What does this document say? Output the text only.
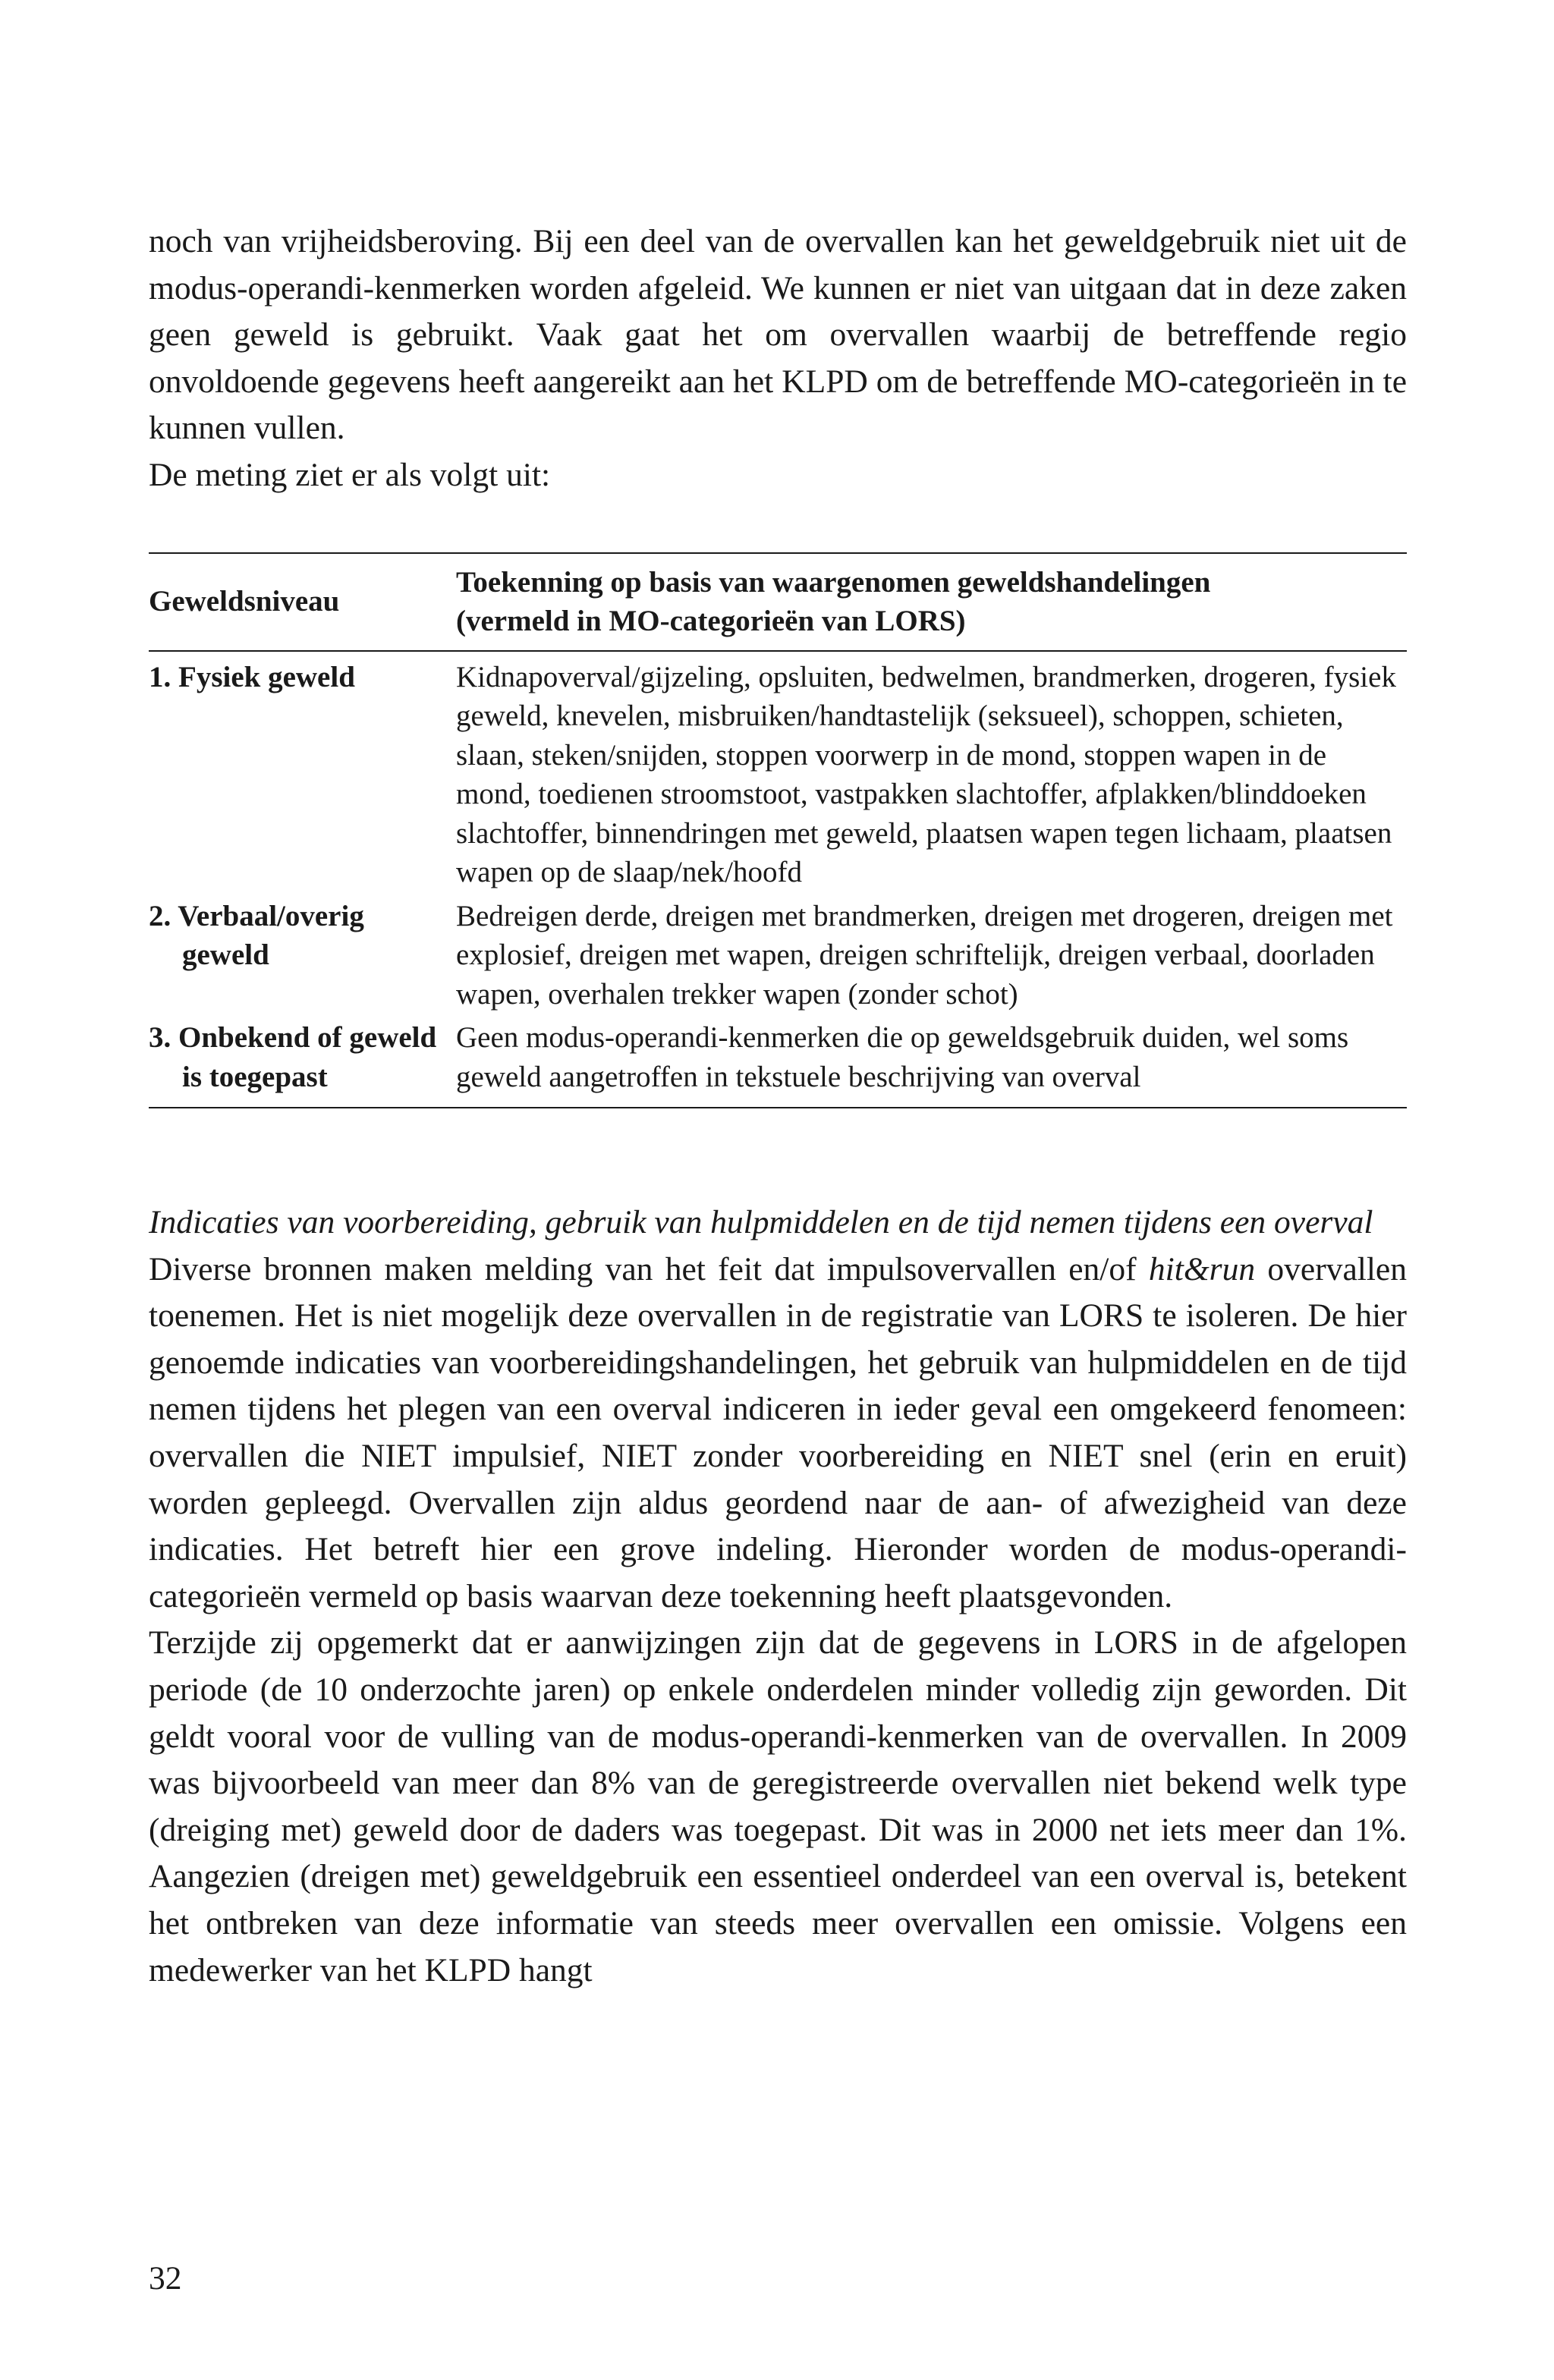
noch van vrijheidsberoving. Bij een deel van de overvallen kan het geweldgebruik niet uit de modus-operandi-kenmerken worden afgeleid. We kunnen er niet van uitgaan dat in deze zaken geen geweld is gebruikt. Vaak gaat het om overvallen waarbij de betreffende regio onvoldoende gegevens heeft aangereikt aan het KLPD om de betreffende MO-categorieën in te kunnen vullen.

De meting ziet er als volgt uit:

Geweldsniveau	Toekenning op basis van waargenomen geweldshandelingen
(vermeld in MO-categorieën van LORS)

1. Fysiek geweld	Kidnapoverval/gijzeling, opsluiten, bedwelmen, brandmerken, drogeren, fysiek geweld, knevelen, misbruiken/handtastelijk (seksueel), schoppen, schieten, slaan, steken/snijden, stoppen voorwerp in de mond, stoppen wapen in de mond, toedienen stroomstoot, vastpakken slachtoffer, afplakken/blinddoeken slachtoffer, binnendringen met geweld, plaatsen wapen tegen lichaam, plaatsen wapen op de slaap/nek/hoofd

2. Verbaal/overig geweld	Bedreigen derde, dreigen met brandmerken, dreigen met drogeren, dreigen met explosief, dreigen met wapen, dreigen schriftelijk, dreigen verbaal, doorladen wapen, overhalen trekker wapen (zonder schot)

3. Onbekend of geweld is toegepast	Geen modus-operandi-kenmerken die op geweldsgebruik duiden, wel soms geweld aangetroffen in tekstuele beschrijving van overval

Indicaties van voorbereiding, gebruik van hulpmiddelen en de tijd nemen tijdens een overval

Diverse bronnen maken melding van het feit dat impulsovervallen en/of hit&run overvallen toenemen. Het is niet mogelijk deze overvallen in de registratie van LORS te isoleren. De hier genoemde indicaties van voorbereidingshandelingen, het gebruik van hulpmiddelen en de tijd nemen tijdens het plegen van een overval indiceren in ieder geval een omgekeerd fenomeen: overvallen die NIET impulsief, NIET zonder voorbereiding en NIET snel (erin en eruit) worden gepleegd. Overvallen zijn aldus geordend naar de aan- of afwezigheid van deze indicaties. Het betreft hier een grove indeling. Hieronder worden de modus-operandi-categorieën vermeld op basis waarvan deze toekenning heeft plaatsgevonden.

Terzijde zij opgemerkt dat er aanwijzingen zijn dat de gegevens in LORS in de afgelopen periode (de 10 onderzochte jaren) op enkele onderdelen minder volledig zijn geworden. Dit geldt vooral voor de vulling van de modus-operandi-kenmerken van de overvallen. In 2009 was bijvoorbeeld van meer dan 8% van de geregistreerde overvallen niet bekend welk type (dreiging met) geweld door de daders was toegepast. Dit was in 2000 net iets meer dan 1%. Aangezien (dreigen met) geweldgebruik een essentieel onderdeel van een overval is, betekent het ontbreken van deze informatie van steeds meer overvallen een omissie. Volgens een medewerker van het KLPD hangt

32
